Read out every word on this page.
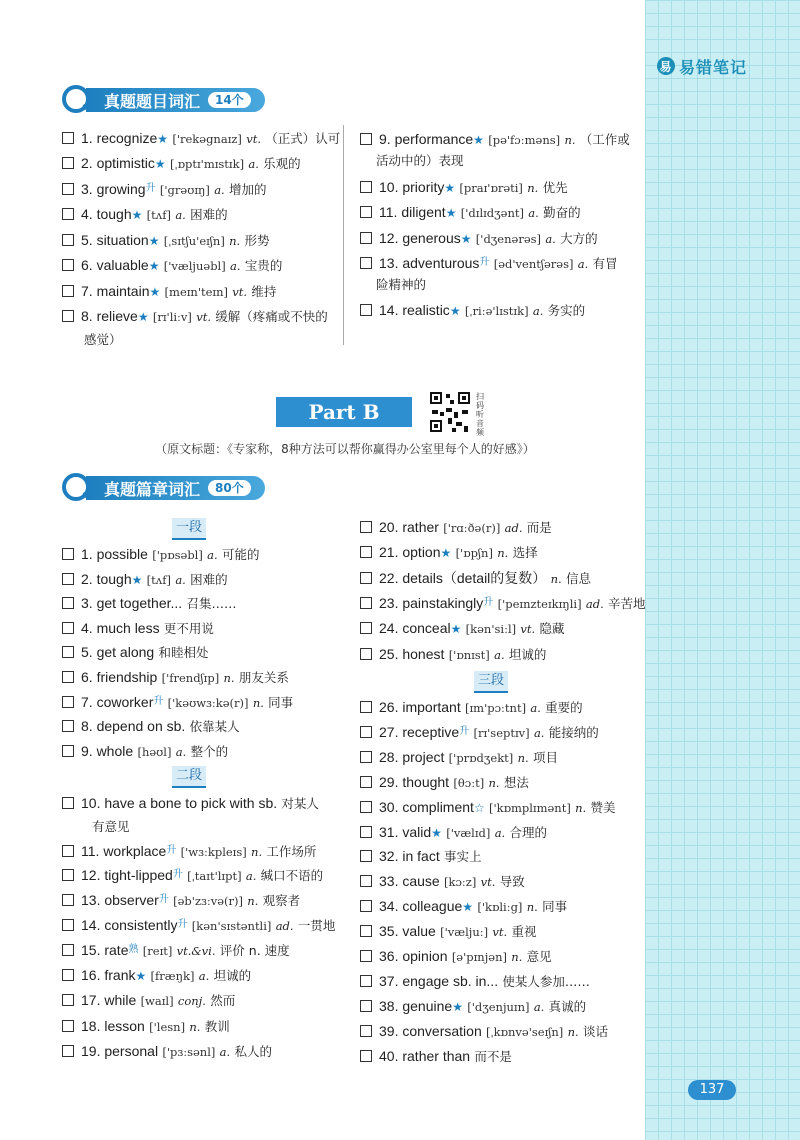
易 易错笔记
真题题目词汇	14个
1. recognize★ ['rekəgnaɪz] vt. （正式）认可
2. optimistic★ [ˌɒptɪ'mɪstɪk] a. 乐观的
3. growing$^升$ ['grəʊɪŋ] a. 增加的
4. tough★ [tʌf] a. 困难的
5. situation★ [ˌsɪtʃu'eɪʃn] n. 形势
6. valuable★ ['væljuəbl] a. 宝贵的
7. maintain★ [meɪn'teɪn] vt. 维持
8. relieve★ [rɪ'liːv] vt. 缓解（疼痛或不快的
感觉）
9. performance★ [pə'fɔːməns] n. （工作或
10. priority★ [praɪ'ɒrəti] n. 优先
11. diligent★ ['dɪlɪdʒənt] a. 勤奋的
12. generous★ ['dʒenərəs] a. 大方的
13. adventurous$^升$ [əd'ventʃərəs] a. 有冒
14. realistic★ [ˌriːə'lɪstɪk] a. 务实的
活动中的）表现
险精神的
Part B
扫码听音频
（原文标题：《专家称，8种方法可以帮你赢得办公室里每个人的好感》）
真题篇章词汇	80个
一段
1. possible ['pɒsəbl] a. 可能的
2. tough★ [tʌf] a. 困难的
3. get together... 召集……
4. much less 更不用说
5. get along 和睦相处
6. friendship ['frendʃɪp] n. 朋友关系
7. coworker$^升$ ['kəʊwɜːkə(r)] n. 同事
8. depend on sb. 依靠某人
9. whole [həʊl] a. 整个的
二段
10. have a bone to pick with sb. 对某人
11. workplace$^升$ ['wɜːkpleɪs] n. 工作场所
12. tight-lipped$^升$ [ˌtaɪt'lɪpt] a. 缄口不语的
13. observer$^升$ [əb'zɜːvə(r)] n. 观察者
14. consistently$^升$ [kən'sɪstəntli] ad. 一贯地
15. rate$^熟$ [reɪt] vt.&vi. 评价 n. 速度
16. frank★ [fræŋk] a. 坦诚的
17. while [waɪl] conj. 然而
18. lesson ['lesn] n. 教训
19. personal ['pɜːsənl] a. 私人的
有意见
20. rather ['rɑːðə(r)] ad. 而是
21. option★ ['ɒpʃn] n. 选择
22. details（detail的复数） n. 信息
23. painstakingly$^升$ ['peɪnzteɪkɪŋli] ad. 辛苦地
24. conceal★ [kən'siːl] vt. 隐藏
25. honest ['ɒnɪst] a. 坦诚的
三段
26. important [ɪm'pɔːtnt] a. 重要的
27. receptive$^升$ [rɪ'septɪv] a. 能接纳的
28. project ['prɒdʒekt] n. 项目
29. thought [θɔːt] n. 想法
30. compliment☆ ['kɒmplɪmənt] n. 赞美
31. valid★ ['vælɪd] a. 合理的
32. in fact 事实上
33. cause [kɔːz] vt. 导致
34. colleague★ ['kɒliːg] n. 同事
35. value ['væljuː] vt. 重视
36. opinion [ə'pɪnjən] n. 意见
37. engage sb. in... 使某人参加……
38. genuine★ ['dʒenjuɪn] a. 真诚的
39. conversation [ˌkɒnvə'seɪʃn] n. 谈话
40. rather than 而不是
137
